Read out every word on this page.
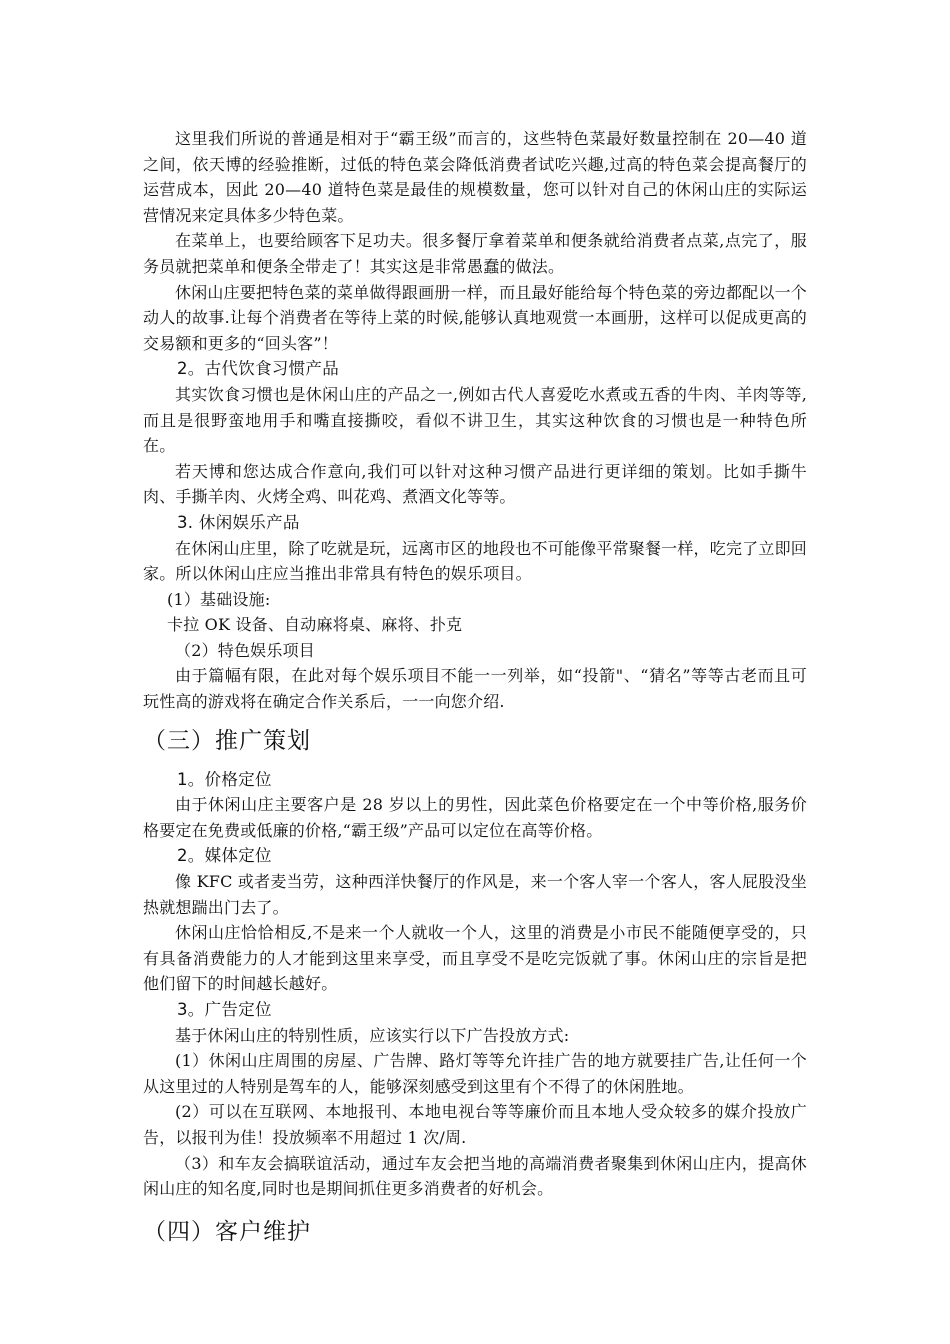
这里我们所说的普通是相对于“霸王级”而言的，这些特色菜最好数量控制在 20—40 道之间，依天博的经验推断，过低的特色菜会降低消费者试吃兴趣,过高的特色菜会提高餐厅的运营成本，因此 20—40 道特色菜是最佳的规模数量，您可以针对自己的休闲山庄的实际运营情况来定具体多少特色菜。

在菜单上，也要给顾客下足功夫。很多餐厅拿着菜单和便条就给消费者点菜,点完了，服务员就把菜单和便条全带走了！其实这是非常愚蠢的做法。

休闲山庄要把特色菜的菜单做得跟画册一样，而且最好能给每个特色菜的旁边都配以一个动人的故事.让每个消费者在等待上菜的时候,能够认真地观赏一本画册，这样可以促成更高的交易额和更多的“回头客”！

2。古代饮食习惯产品

其实饮食习惯也是休闲山庄的产品之一,例如古代人喜爱吃水煮或五香的牛肉、羊肉等等,而且是很野蛮地用手和嘴直接撕咬，看似不讲卫生，其实这种饮食的习惯也是一种特色所在。

若天博和您达成合作意向,我们可以针对这种习惯产品进行更详细的策划。比如手撕牛肉、手撕羊肉、火烤全鸡、叫花鸡、煮酒文化等等。

3. 休闲娱乐产品

在休闲山庄里，除了吃就是玩，远离市区的地段也不可能像平常聚餐一样，吃完了立即回家。所以休闲山庄应当推出非常具有特色的娱乐项目。

(1）基础设施:

卡拉 OK 设备、自动麻将桌、麻将、扑克

（2）特色娱乐项目

由于篇幅有限，在此对每个娱乐项目不能一一列举，如“投箭"、“猜名”等等古老而且可玩性高的游戏将在确定合作关系后，一一向您介绍.

（三）推广策划
1。价格定位

由于休闲山庄主要客户是 28 岁以上的男性，因此菜色价格要定在一个中等价格,服务价格要定在免费或低廉的价格,“霸王级”产品可以定位在高等价格。

2。媒体定位

像 KFC 或者麦当劳，这种西洋快餐厅的作风是，来一个客人宰一个客人，客人屁股没坐热就想踹出门去了。

休闲山庄恰恰相反,不是来一个人就收一个人，这里的消费是小市民不能随便享受的，只有具备消费能力的人才能到这里来享受，而且享受不是吃完饭就了事。休闲山庄的宗旨是把他们留下的时间越长越好。

3。广告定位

基于休闲山庄的特别性质，应该实行以下广告投放方式:

(1）休闲山庄周围的房屋、广告牌、路灯等等允许挂广告的地方就要挂广告,让任何一个从这里过的人特别是驾车的人，能够深刻感受到这里有个不得了的休闲胜地。

(2）可以在互联网、本地报刊、本地电视台等等廉价而且本地人受众较多的媒介投放广告，以报刊为佳！投放频率不用超过 1 次/周.

（3）和车友会搞联谊活动，通过车友会把当地的高端消费者聚集到休闲山庄内，提高休闲山庄的知名度,同时也是期间抓住更多消费者的好机会。

（四）客户维护
